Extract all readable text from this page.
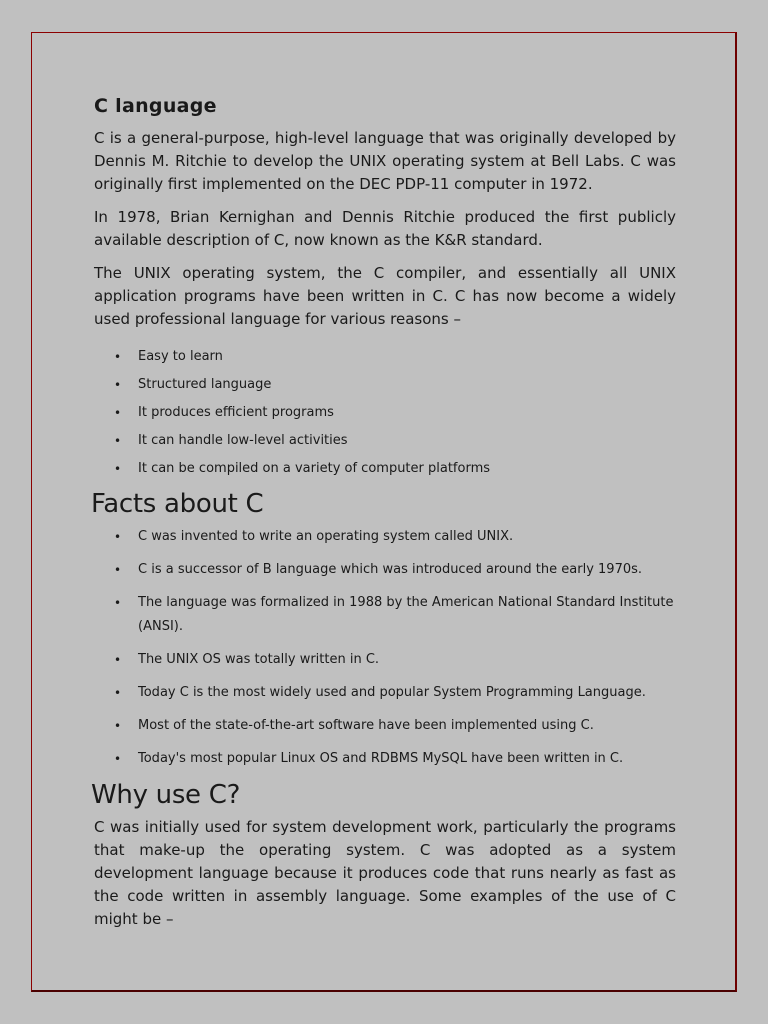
C language

C is a general-purpose, high-level language that was originally developed by Dennis M. Ritchie to develop the UNIX operating system at Bell Labs. C was originally first implemented on the DEC PDP-11 computer in 1972.

In 1978, Brian Kernighan and Dennis Ritchie produced the first publicly available description of C, now known as the K&R standard.

The UNIX operating system, the C compiler, and essentially all UNIX application programs have been written in C. C has now become a widely used professional language for various reasons –

• Easy to learn
• Structured language
• It produces efficient programs
• It can handle low-level activities
• It can be compiled on a variety of computer platforms
Facts about C
• C was invented to write an operating system called UNIX.
• C is a successor of B language which was introduced around the early 1970s.
• The language was formalized in 1988 by the American National Standard Institute (ANSI).
• The UNIX OS was totally written in C.
• Today C is the most widely used and popular System Programming Language.
• Most of the state-of-the-art software have been implemented using C.
• Today's most popular Linux OS and RDBMS MySQL have been written in C.
Why use C?

C was initially used for system development work, particularly the programs that make-up the operating system. C was adopted as a system development language because it produces code that runs nearly as fast as the code written in assembly language. Some examples of the use of C might be –
